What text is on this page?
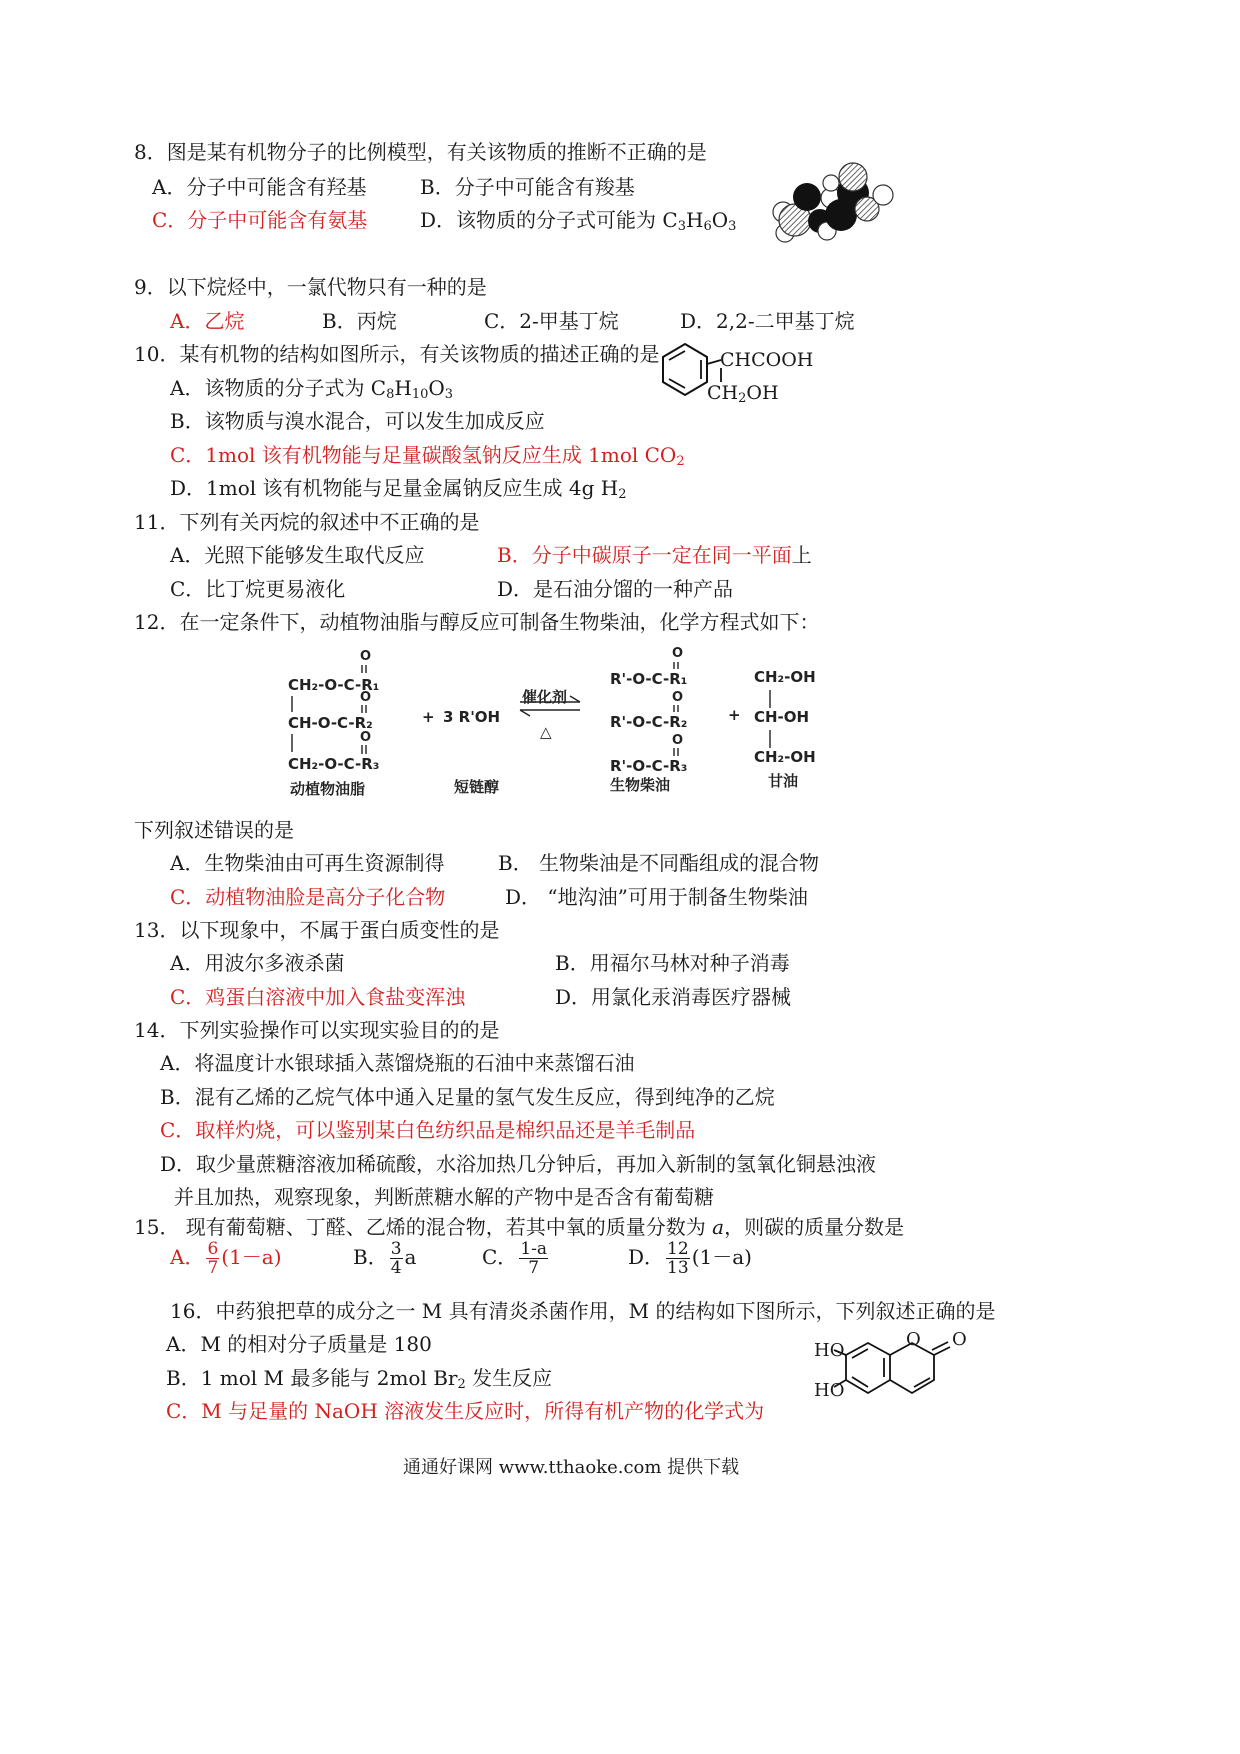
8．图是某有机物分子的比例模型，有关该物质的推断不正确的是
A．分子中可能含有羟基	B．分子中可能含有羧基
C．分子中可能含有氨基	D．该物质的分子式可能为 $C_3H_6O_3$
9．以下烷烃中，一氯代物只有一种的是
A．乙烷	B．丙烷	C．2-甲基丁烷	D．2,2-二甲基丁烷
10．某有机物的结构如图所示，有关该物质的描述正确的是
A．该物质的分子式为 $C_8H_{10}O_3$
B．该物质与溴水混合，可以发生加成反应
C．1mol 该有机物能与足量碳酸氢钠反应生成 1mol $CO_2$
D．1mol 该有机物能与足量金属钠反应生成 4g $H_2$
CHCOOH
$CH_2OH$
11．下列有关丙烷的叙述中不正确的是
A．光照下能够发生取代反应	B．分子中碳原子一定在同一平面上
C．比丁烷更易液化	D．是石油分馏的一种产品
12．在一定条件下，动植物油脂与醇反应可制备生物柴油，化学方程式如下：
O
CH₂-O-C-R₁
O
CH-O-C-R₂
O
CH₂-O-C-R₃
+ 3 R'OH
催化剂
△
O
R'-O-C-R₁
O
R'-O-C-R₂
O
R'-O-C-R₃
+
CH₂-OH
CH-OH
CH₂-OH
动植物油脂	短链醇	生物柴油	甘油
下列叙述错误的是
A．生物柴油由可再生资源制得	B． 生物柴油是不同酯组成的混合物
C．动植物油脸是高分子化合物	D． “地沟油”可用于制备生物柴油
13．以下现象中，不属于蛋白质变性的是
A．用波尔多液杀菌	B．用福尔马林对种子消毒
C．鸡蛋白溶液中加入食盐变浑浊	D．用氯化汞消毒医疗器械
14．下列实验操作可以实现实验目的的是
A．将温度计水银球插入蒸馏烧瓶的石油中来蒸馏石油
B．混有乙烯的乙烷气体中通入足量的氢气发生反应，得到纯净的乙烷
C．取样灼烧，可以鉴别某白色纺织品是棉织品还是羊毛制品
D．取少量蔗糖溶液加稀硫酸，水浴加热几分钟后，再加入新制的氢氧化铜悬浊液
并且加热，观察现象，判断蔗糖水解的产物中是否含有葡萄糖
15． 现有葡萄糖、丁醛、乙烯的混合物，若其中氧的质量分数为 a，则碳的质量分数是
A． $\frac{6}{7} (1-a)$	B． $\frac{3}{4}$ a	C． $\frac{1-a}{7}$	D． $\frac{12}{13} (1-a)$
16．中药狼把草的成分之一 M 具有清炎杀菌作用，M 的结构如下图所示，下列叙述正确的是
A．M 的相对分子质量是 180
B．1 mol M 最多能与 2mol $Br_2$ 发生反应
C．M 与足量的 NaOH 溶液发生反应时，所得有机产物的化学式为
HO
HO
O O
通通好课网 www.tthaoke.com 提供下载
